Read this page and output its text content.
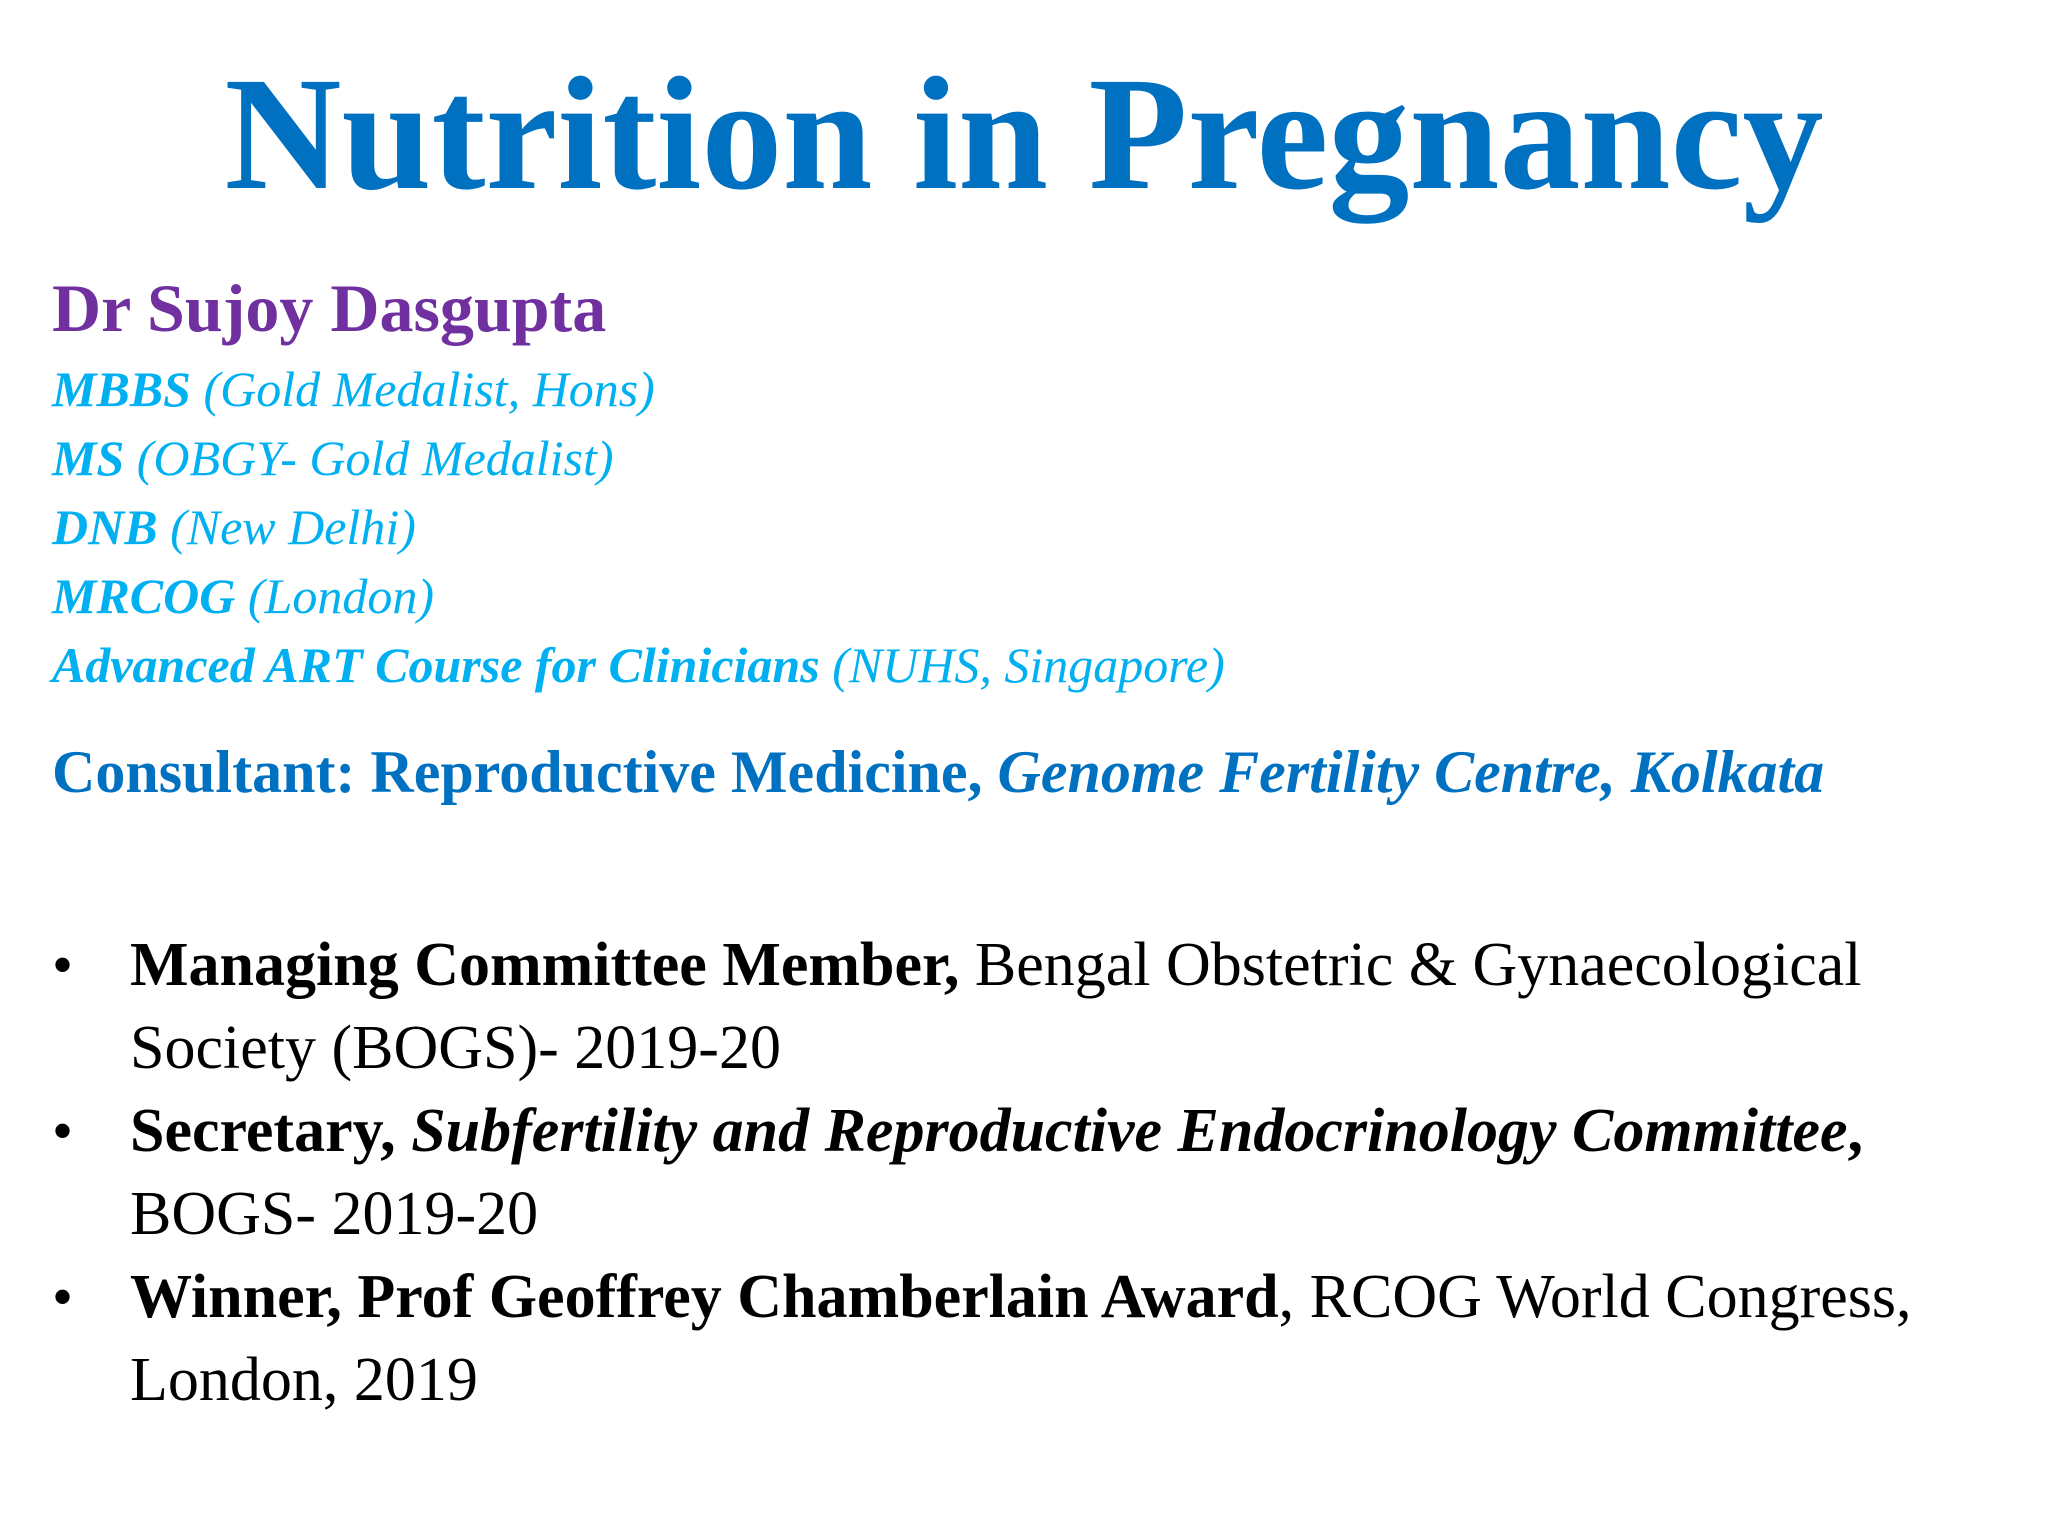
Nutrition in Pregnancy
Dr Sujoy Dasgupta
MBBS (Gold Medalist, Hons)
MS (OBGY- Gold Medalist)
DNB (New Delhi)
MRCOG (London)
Advanced ART Course for Clinicians (NUHS, Singapore)

Consultant: Reproductive Medicine, Genome Fertility Centre, Kolkata

• Managing Committee Member, Bengal Obstetric & Gynaecological Society (BOGS)- 2019-20
• Secretary, Subfertility and Reproductive Endocrinology Committee, BOGS- 2019-20
• Winner, Prof Geoffrey Chamberlain Award, RCOG World Congress, London, 2019
